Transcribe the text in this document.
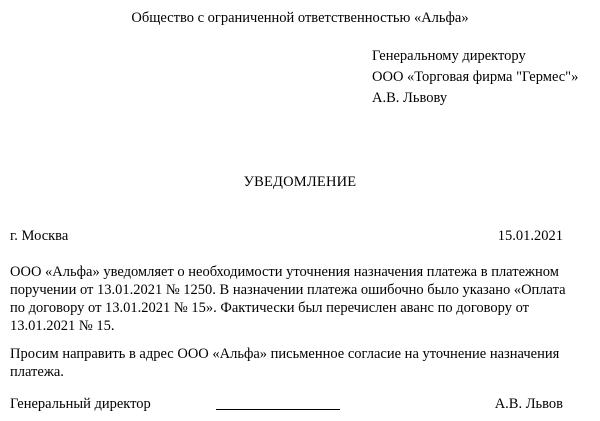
Общество с ограниченной ответственностью «Альфа»
Генеральному директору
ООО «Торговая фирма "Гермес"»
А.В. Львову
УВЕДОМЛЕНИЕ
г. Москва	15.01.2021
ООО «Альфа» уведомляет о необходимости уточнения назначения платежа в платежном поручении от 13.01.2021 № 1250. В назначении платежа ошибочно было указано «Оплата по договору от 13.01.2021 № 15». Фактически был перечислен аванс по договору от 13.01.2021 № 15.
Просим направить в адрес ООО «Альфа» письменное согласие на уточнение назначения платежа.
Генеральный директор	А.В. Львов
